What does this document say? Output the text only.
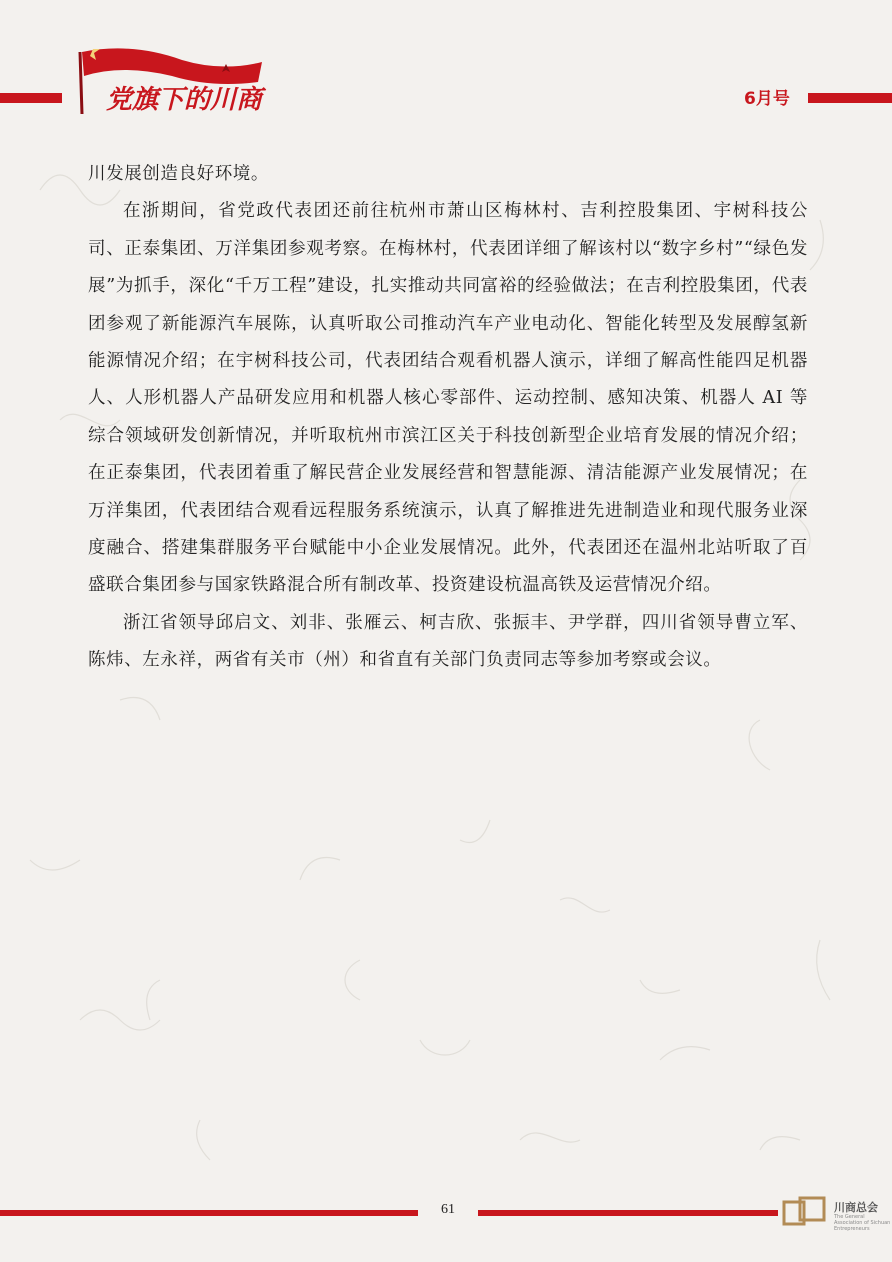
党旗下的川商	6月号

川发展创造良好环境。

在浙期间，省党政代表团还前往杭州市萧山区梅林村、吉利控股集团、宇树科技公司、正泰集团、万洋集团参观考察。在梅林村，代表团详细了解该村以“数字乡村”“绿色发展”为抓手，深化“千万工程”建设，扎实推动共同富裕的经验做法；在吉利控股集团，代表团参观了新能源汽车展陈，认真听取公司推动汽车产业电动化、智能化转型及发展醇氢新能源情况介绍；在宇树科技公司，代表团结合观看机器人演示，详细了解高性能四足机器人、人形机器人产品研发应用和机器人核心零部件、运动控制、感知决策、机器人 AI 等综合领域研发创新情况，并听取杭州市滨江区关于科技创新型企业培育发展的情况介绍；在正泰集团，代表团着重了解民营企业发展经营和智慧能源、清洁能源产业发展情况；在万洋集团，代表团结合观看远程服务系统演示，认真了解推进先进制造业和现代服务业深度融合、搭建集群服务平台赋能中小企业发展情况。此外，代表团还在温州北站听取了百盛联合集团参与国家铁路混合所有制改革、投资建设杭温高铁及运营情况介绍。

浙江省领导邱启文、刘非、张雁云、柯吉欣、张振丰、尹学群，四川省领导曹立军、陈炜、左永祥，两省有关市（州）和省直有关部门负责同志等参加考察或会议。

61	川商总会
The General Association of Sichuan Entrepreneurs
